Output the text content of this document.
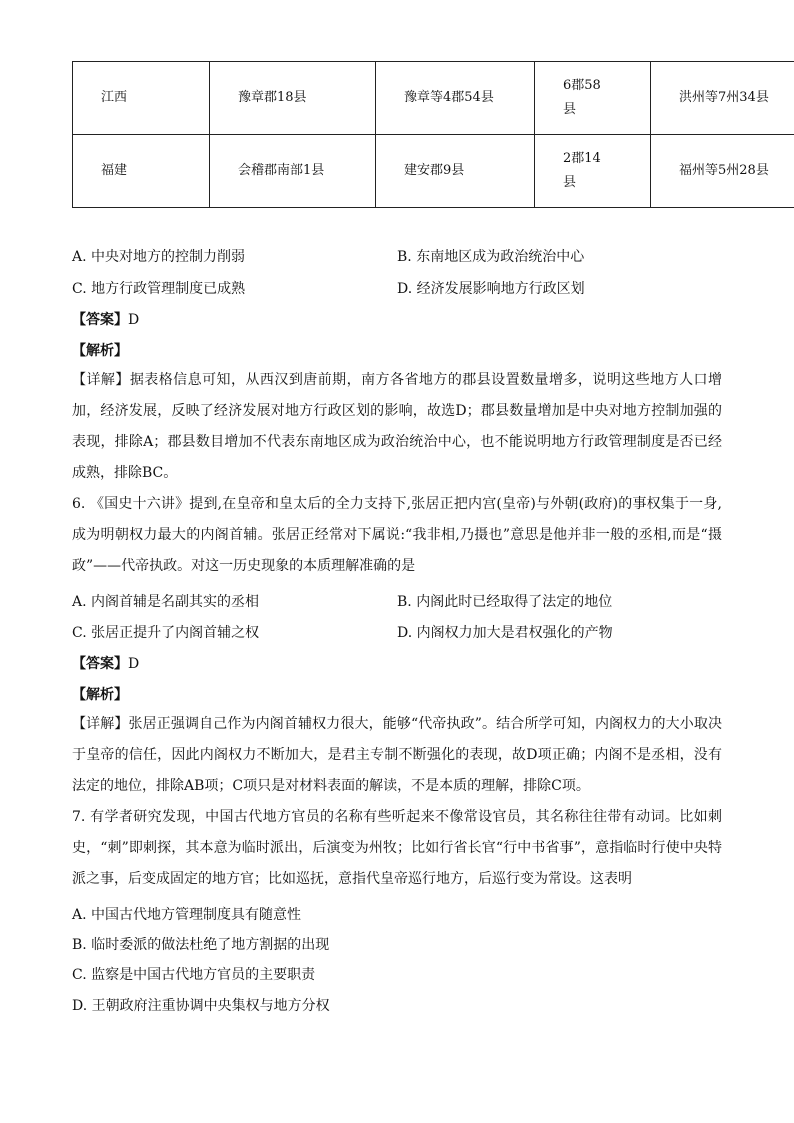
江西	豫章郡18县	豫章等4郡54县	6郡58县	洪州等7州34县

福建	会稽郡南部1县	建安郡9县	2郡14县	福州等5州28县
A. 中央对地方的控制力削弱	B. 东南地区成为政治统治中心
C. 地方行政管理制度已成熟	D. 经济发展影响地方行政区划
【答案】D
【解析】
【详解】据表格信息可知，从西汉到唐前期，南方各省地方的郡县设置数量增多，说明这些地方人口增加，经济发展，反映了经济发展对地方行政区划的影响，故选D；郡县数量增加是中央对地方控制加强的表现，排除A；郡县数目增加不代表东南地区成为政治统治中心，也不能说明地方行政管理制度是否已经成熟，排除BC。
6. 《国史十六讲》提到,在皇帝和皇太后的全力支持下,张居正把内宫(皇帝)与外朝(政府)的事权集于一身,成为明朝权力最大的内阁首辅。张居正经常对下属说:“我非相,乃摄也”意思是他并非一般的丞相,而是“摄政”——代帝执政。对这一历史现象的本质理解准确的是
A. 内阁首辅是名副其实的丞相	B. 内阁此时已经取得了法定的地位
C. 张居正提升了内阁首辅之权	D. 内阁权力加大是君权强化的产物
【答案】D
【解析】
【详解】张居正强调自己作为内阁首辅权力很大，能够“代帝执政”。结合所学可知，内阁权力的大小取决于皇帝的信任，因此内阁权力不断加大，是君主专制不断强化的表现，故D项正确；内阁不是丞相，没有法定的地位，排除AB项；C项只是对材料表面的解读，不是本质的理解，排除C项。
7. 有学者研究发现，中国古代地方官员的名称有些听起来不像常设官员，其名称往往带有动词。比如刺史，“刺”即刺探，其本意为临时派出，后演变为州牧；比如行省长官“行中书省事”，意指临时行使中央特派之事，后变成固定的地方官；比如巡抚，意指代皇帝巡行地方，后巡行变为常设。这表明
A. 中国古代地方管理制度具有随意性
B. 临时委派的做法杜绝了地方割据的出现
C. 监察是中国古代地方官员的主要职责
D. 王朝政府注重协调中央集权与地方分权
